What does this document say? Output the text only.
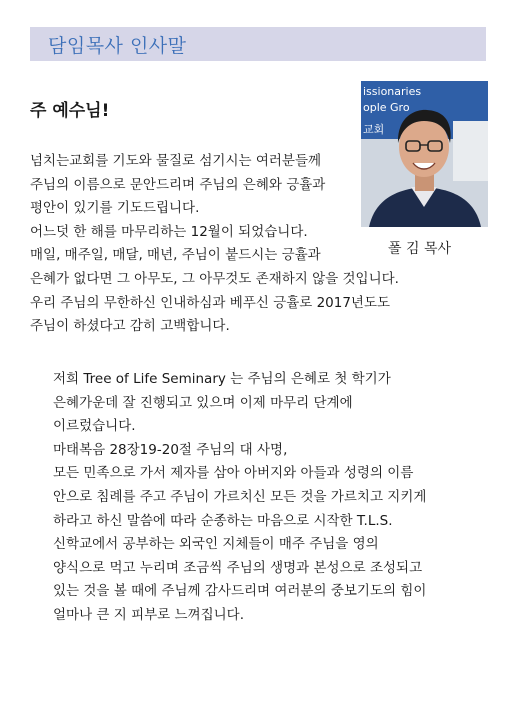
담임목사 인사말
주 예수님!
issionaries
ople Gro
교회
폴 김 목사

넘치는교회를 기도와 물질로 섬기시는 여러분들께
주님의 이름으로 문안드리며 주님의 은혜와 긍휼과
평안이 있기를 기도드립니다.
어느덧 한 해를 마무리하는 12월이 되었습니다.
매일, 매주일, 매달, 매년, 주님이 붙드시는 긍휼과
은혜가 없다면 그 아무도, 그 아무것도 존재하지 않을 것입니다.
우리 주님의 무한하신 인내하심과 베푸신 긍휼로 2017년도도
주님이 하셨다고 감히 고백합니다.

저희 Tree of Life Seminary 는 주님의 은혜로 첫 학기가
은혜가운데 잘 진행되고 있으며 이제 마무리 단계에
이르렀습니다.
마태복음 28장19-20절 주님의 대 사명,
모든 민족으로 가서 제자를 삼아 아버지와 아들과 성령의 이름
안으로 침례를 주고 주님이 가르치신 모든 것을 가르치고 지키게
하라고 하신 말씀에 따라 순종하는 마음으로 시작한 T.L.S.
신학교에서 공부하는 외국인 지체들이 매주 주님을 영의
양식으로 먹고 누리며 조금씩 주님의 생명과 본성으로 조성되고
있는 것을 볼 때에 주님께 감사드리며 여러분의 중보기도의 힘이
얼마나 큰 지 피부로 느껴집니다.
